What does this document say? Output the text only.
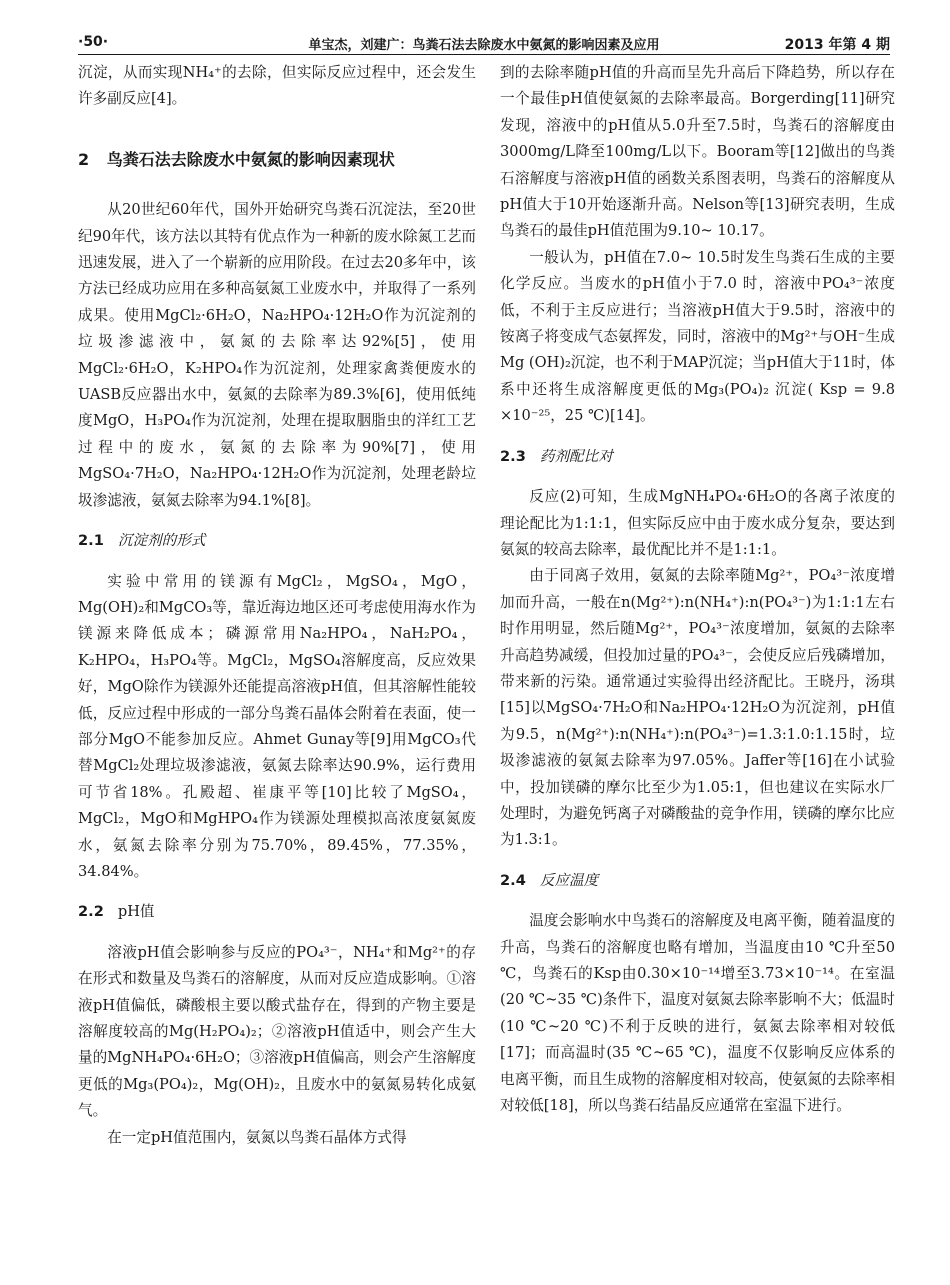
·50·	单宝杰，刘建广：鸟粪石法去除废水中氨氮的影响因素及应用	2013 年第 4 期

沉淀，从而实现NH₄⁺的去除，但实际反应过程中，还会发生许多副反应[4]。

2 鸟粪石法去除废水中氨氮的影响因素现状

从20世纪60年代，国外开始研究鸟粪石沉淀法，至20世纪90年代，该方法以其特有优点作为一种新的废水除氮工艺而迅速发展，进入了一个崭新的应用阶段。在过去20多年中，该方法已经成功应用在多种高氨氮工业废水中，并取得了一系列成果。使用MgCl₂·6H₂O，Na₂HPO₄·12H₂O作为沉淀剂的垃圾渗滤液中，氨氮的去除率达92%[5]，使用MgCl₂·6H₂O，K₂HPO₄作为沉淀剂，处理家禽粪便废水的UASB反应器出水中，氨氮的去除率为89.3%[6]，使用低纯度MgO，H₃PO₄作为沉淀剂，处理在提取胭脂虫的洋红工艺过程中的废水，氨氮的去除率为90%[7]，使用MgSO₄·7H₂O，Na₂HPO₄·12H₂O作为沉淀剂，处理老龄垃圾渗滤液，氨氮去除率为94.1%[8]。

2.1 沉淀剂的形式

实验中常用的镁源有MgCl₂，MgSO₄，MgO，Mg(OH)₂和MgCO₃等，靠近海边地区还可考虑使用海水作为镁源来降低成本；磷源常用Na₂HPO₄，NaH₂PO₄，K₂HPO₄，H₃PO₄等。MgCl₂，MgSO₄溶解度高，反应效果好，MgO除作为镁源外还能提高溶液pH值，但其溶解性能较低，反应过程中形成的一部分鸟粪石晶体会附着在表面，使一部分MgO不能参加反应。Ahmet Gunay等[9]用MgCO₃代替MgCl₂处理垃圾渗滤液，氨氮去除率达90.9%，运行费用可节省18%。孔殿超、崔康平等[10]比较了MgSO₄，MgCl₂，MgO和MgHPO₄作为镁源处理模拟高浓度氨氮废水，氨氮去除率分别为75.70%，89.45%，77.35%，34.84%。

2.2 pH值

溶液pH值会影响参与反应的PO₄³⁻，NH₄⁺和Mg²⁺的存在形式和数量及鸟粪石的溶解度，从而对反应造成影响。①溶液pH值偏低，磷酸根主要以酸式盐存在，得到的产物主要是溶解度较高的Mg(H₂PO₄)₂；②溶液pH值适中，则会产生大量的MgNH₄PO₄·6H₂O；③溶液pH值偏高，则会产生溶解度更低的Mg₃(PO₄)₂，Mg(OH)₂，且废水中的氨氮易转化成氨气。

在一定pH值范围内，氨氮以鸟粪石晶体方式得

到的去除率随pH值的升高而呈先升高后下降趋势，所以存在一个最佳pH值使氨氮的去除率最高。Borgerding[11]研究发现，溶液中的pH值从5.0升至7.5时，鸟粪石的溶解度由3000mg/L降至100mg/L以下。Booram等[12]做出的鸟粪石溶解度与溶液pH值的函数关系图表明，鸟粪石的溶解度从pH值大于10开始逐渐升高。Nelson等[13]研究表明，生成鸟粪石的最佳pH值范围为9.10~ 10.17。

一般认为，pH值在7.0~ 10.5时发生鸟粪石生成的主要化学反应。当废水的pH值小于7.0 时，溶液中PO₄³⁻浓度低，不利于主反应进行；当溶液pH值大于9.5时，溶液中的铵离子将变成气态氨挥发，同时，溶液中的Mg²⁺与OH⁻生成Mg (OH)₂沉淀，也不利于MAP沉淀；当pH值大于11时，体系中还将生成溶解度更低的Mg₃(PO₄)₂ 沉淀( Ksp = 9.8 ×10⁻²⁵，25 ℃)[14]。

2.3 药剂配比对

反应(2)可知，生成MgNH₄PO₄·6H₂O的各离子浓度的理论配比为1:1:1，但实际反应中由于废水成分复杂，要达到氨氮的较高去除率，最优配比并不是1:1:1。

由于同离子效用，氨氮的去除率随Mg²⁺，PO₄³⁻浓度增加而升高，一般在n(Mg²⁺):n(NH₄⁺):n(PO₄³⁻)为1:1:1左右时作用明显，然后随Mg²⁺，PO₄³⁻浓度增加，氨氮的去除率升高趋势减缓，但投加过量的PO₄³⁻，会使反应后残磷增加，带来新的污染。通常通过实验得出经济配比。王晓丹，汤琪[15]以MgSO₄·7H₂O和Na₂HPO₄·12H₂O为沉淀剂，pH值为9.5，n(Mg²⁺):n(NH₄⁺):n(PO₄³⁻)=1.3:1.0:1.15时，垃圾渗滤液的氨氮去除率为97.05%。Jaffer等[16]在小试验中，投加镁磷的摩尔比至少为1.05:1，但也建议在实际水厂处理时，为避免钙离子对磷酸盐的竞争作用，镁磷的摩尔比应为1.3:1。

2.4 反应温度

温度会影响水中鸟粪石的溶解度及电离平衡，随着温度的升高，鸟粪石的溶解度也略有增加，当温度由10 ℃升至50 ℃，鸟粪石的Ksp由0.30×10⁻¹⁴增至3.73×10⁻¹⁴。在室温(20 ℃~35 ℃)条件下，温度对氨氮去除率影响不大；低温时(10 ℃~20 ℃)不利于反映的进行，氨氮去除率相对较低[17]；而高温时(35 ℃~65 ℃)，温度不仅影响反应体系的电离平衡，而且生成物的溶解度相对较高，使氨氮的去除率相对较低[18]，所以鸟粪石结晶反应通常在室温下进行。
